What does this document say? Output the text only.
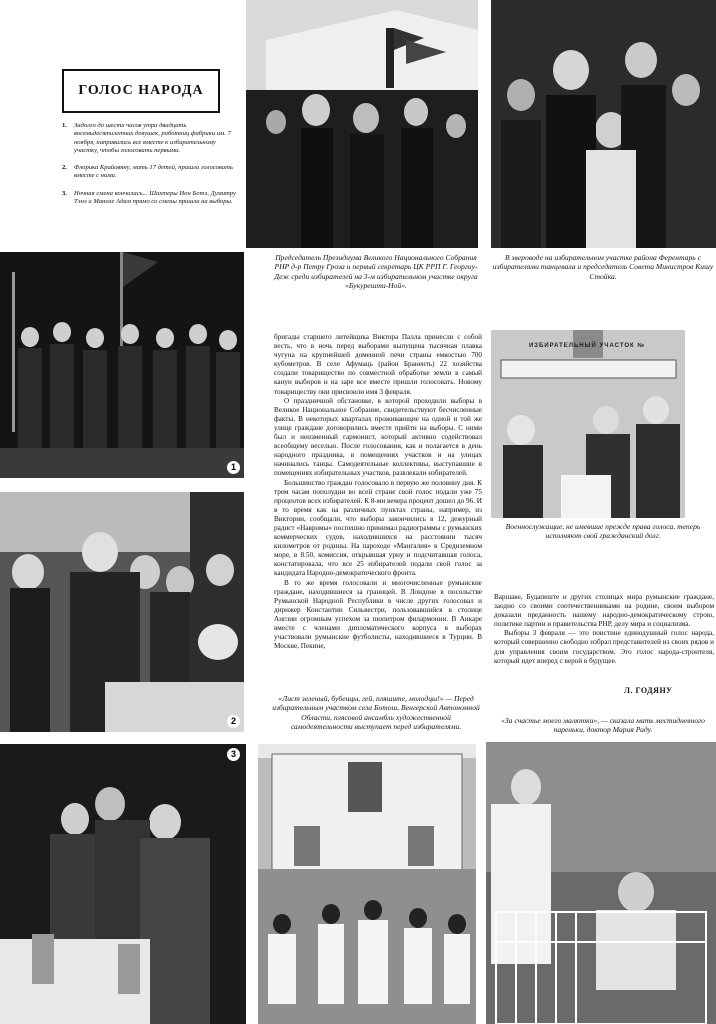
ГОЛОС НАРОДА
1.	Задолго до шести часов утра двадцать восемьдесятилетних девушек, работниц фабрики им. 7 ноября, направились все вместе к избирательному участку, чтобы голосовать первыми.
2.	Флорика Крайовяну, мать 17 детей, пришла голосовать вместе с ними.
3.	Ночная смена кончилась... Шахтеры Ион Ботэ, Думитру Тэнэ и Маноле Адам прямо со смены пришли на выборы.
Председатель Президиума Великого Национального Собрания РНР д-р Петру Гроза и первый секретарь ЦК РРП Г. Георгиу-Деж среди избирателей на 3-м избирательном участке округа «Букурешти-Ной».
В звероводе на избирательном участке района Ферентарь с избирателями танцевала и председатель Совета Министров Кишу Стойка.
1
2

бригады старшего литейщика Виктора Палла принесли с собой весть, что в ночь перед выборами выпущена тысячная плавка чугуна на крупнейшей доменной печи страны емкостью 700 кубометров. В селе Афумаць (район Браненть) 22 хозяйства создали товарищество по совместной обработке земли в самый канун выборов и на заре все вместе пришли голосовать. Новому товариществу они присвоили имя 3 февраля.

О праздничной обстановке, в которой проходили выборы в Великое Национальное Собрание, свидетельствуют бесчисленные факты. В некоторых кварталах проживающие на одной и той же улице граждане договорились вместе прийти на выборы. С ними был и неизменный гармонист, который активно содействовал всеобщему веселью. После голосования, как и полагается в день народного праздника, в помещениях участков и на улицах начинались танцы. Самодеятельные коллективы, выступавшие в помещениях избирательных участков, развлекали избирателей.

Большинство граждан голосовало в первую же половину дня. К трем часам пополудни во всей стране свой голос подали уже 75 процентов всех избирателей. К 8-ми вечера процент дошел до 96. И в то время как на различных пунктах страны, например, из Виктории, сообщали, что выборы закончились в 12, дежурный радист «Навромы» поспешно принимал радиограммы с румынских коммерческих судов, находившихся на расстоянии тысяч километров от родины. На пароходе «Мангалия» в Средиземном море, в 8.50, комиссия, открывшая урну и подсчитавшая голоса, констатировала, что все 25 избирателей подали свой голос за кандидата Народно-демократического фронта.

В то же время голосовали и многочисленные румынские граждане, находившиеся за границей. В Лондоне в посольстве Румынской Народной Республики в числе других голосовал и дирижер Константин Сильвестри, пользовавшийся в столице Англии огромным успехом за пюпитром филармонии. В Анкаре вместе с членами дипломатического корпуса в выборах участвовали румынские футболисты, находившиеся в Турции. В Москве, Пекине,

ИЗБИРАТЕЛЬНЫЙ УЧАСТОК №
Военнослужащие, не имевшие прежде права голоса, теперь исполняют свой гражданский долг.

Варшаве, Будапеште и других столицах мира румынские граждане, заодно со своими соотечественниками на родине, своим выбором доказали преданность нашему народно-демократическому строю, политике партии и правительства РНР, делу мира и социализма.

Выборы 3 февраля — это поистине единодушный голос народа, который совершенно свободно избрал представителей из своих рядов и для управления своим государством. Это голос народа-строителя, который идет вперед с верой в будущее.

Л. ГОДЯНУ
«Лист зеленый, бубенцы, гей, пляшите, молодцы!» — Перед избирательным участком села Ботош, Венгерской Автономной Области, плясовой ансамбль художественной самодеятельности выступает перед избирателями.
«За счастье моего малютки», — сказала мать местидневного пареньки, доктор Мария Раду.
3
